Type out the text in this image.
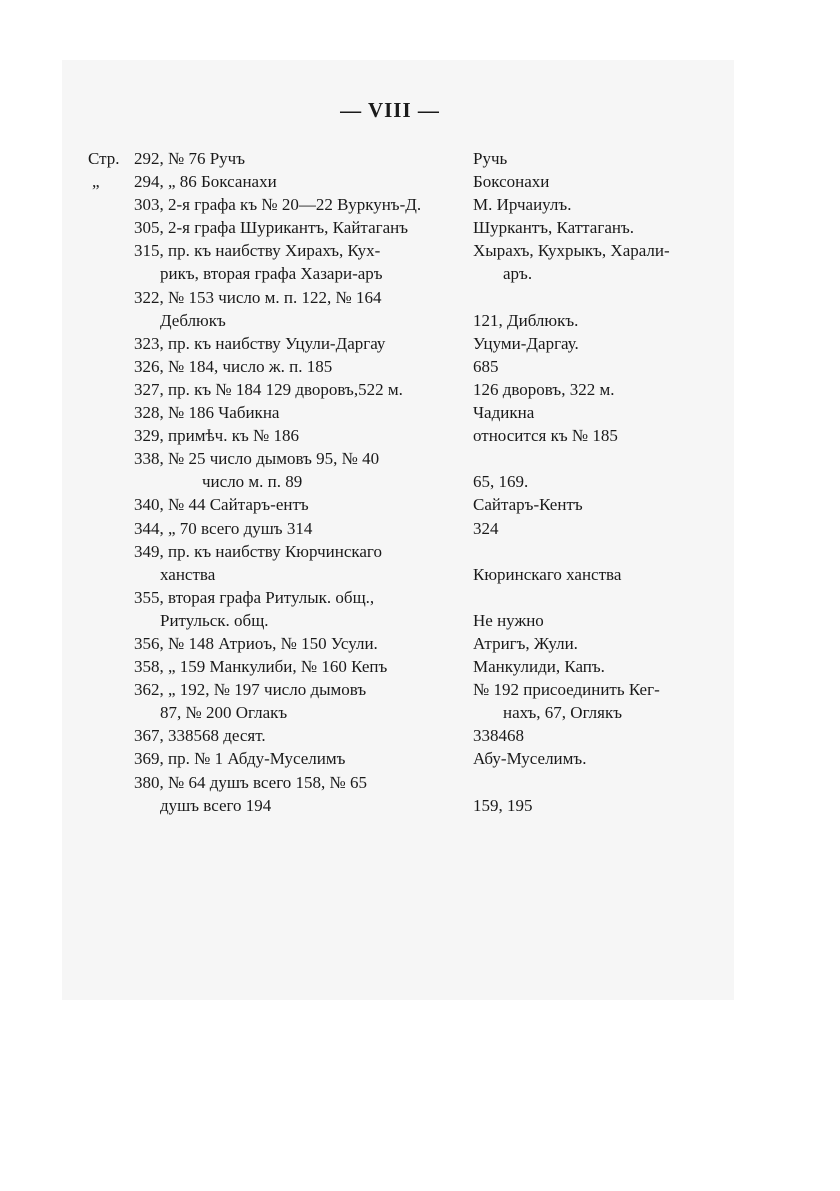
— VIII —
Стр. 292, № 76 Ручъ	Ручь
„ 294, „ 86 Боксанахи	Боксонахи
303, 2-я графа къ № 20—22 Вуркунъ-Д.	М. Ирчаиулъ.
305, 2-я графа Шурикантъ, Кайтаганъ	Шуркантъ, Каттаганъ.
315, пр. къ наибству Хирахъ, Кух-	Хырахъ, Кухрыкъ, Харали-
рикъ, вторая графа Хазари-аръ	аръ.
322, № 153 число м. п. 122, № 164
Деблюкъ	121, Диблюкъ.
323, пр. къ наибству Уцули-Даргау	Уцуми-Даргау.
326, № 184, число ж. п. 185	685
327, пр. къ № 184 129 дворовъ,522 м.	126 дворовъ, 322 м.
328, № 186 Чабикна	Чадикна
329, примѣч. къ № 186	относится къ № 185
338, № 25 число дымовъ 95, № 40
число м. п. 89	65, 169.
340, № 44 Сайтаръ-ентъ	Сайтаръ-Кентъ
344, „ 70 всего душъ 314	324
349, пр. къ наибству Кюрчинскаго
ханства	Кюринскаго ханства
355, вторая графа Ритулык. общ.,
Ритульск. общ.	Не нужно
356, № 148 Атриоъ, № 150 Усули.	Атригъ, Жули.
358, „ 159 Манкулиби, № 160 Кепъ	Манкулиди, Капъ.
362, „ 192, № 197 число дымовъ	№ 192 присоединить Кег-
87, № 200 Оглакъ	нахъ, 67, Оглякъ
367, 338568 десят.	338468
369, пр. № 1 Абду-Муселимъ	Абу-Муселимъ.
380, № 64 душъ всего 158, № 65
душъ всего 194	159, 195
